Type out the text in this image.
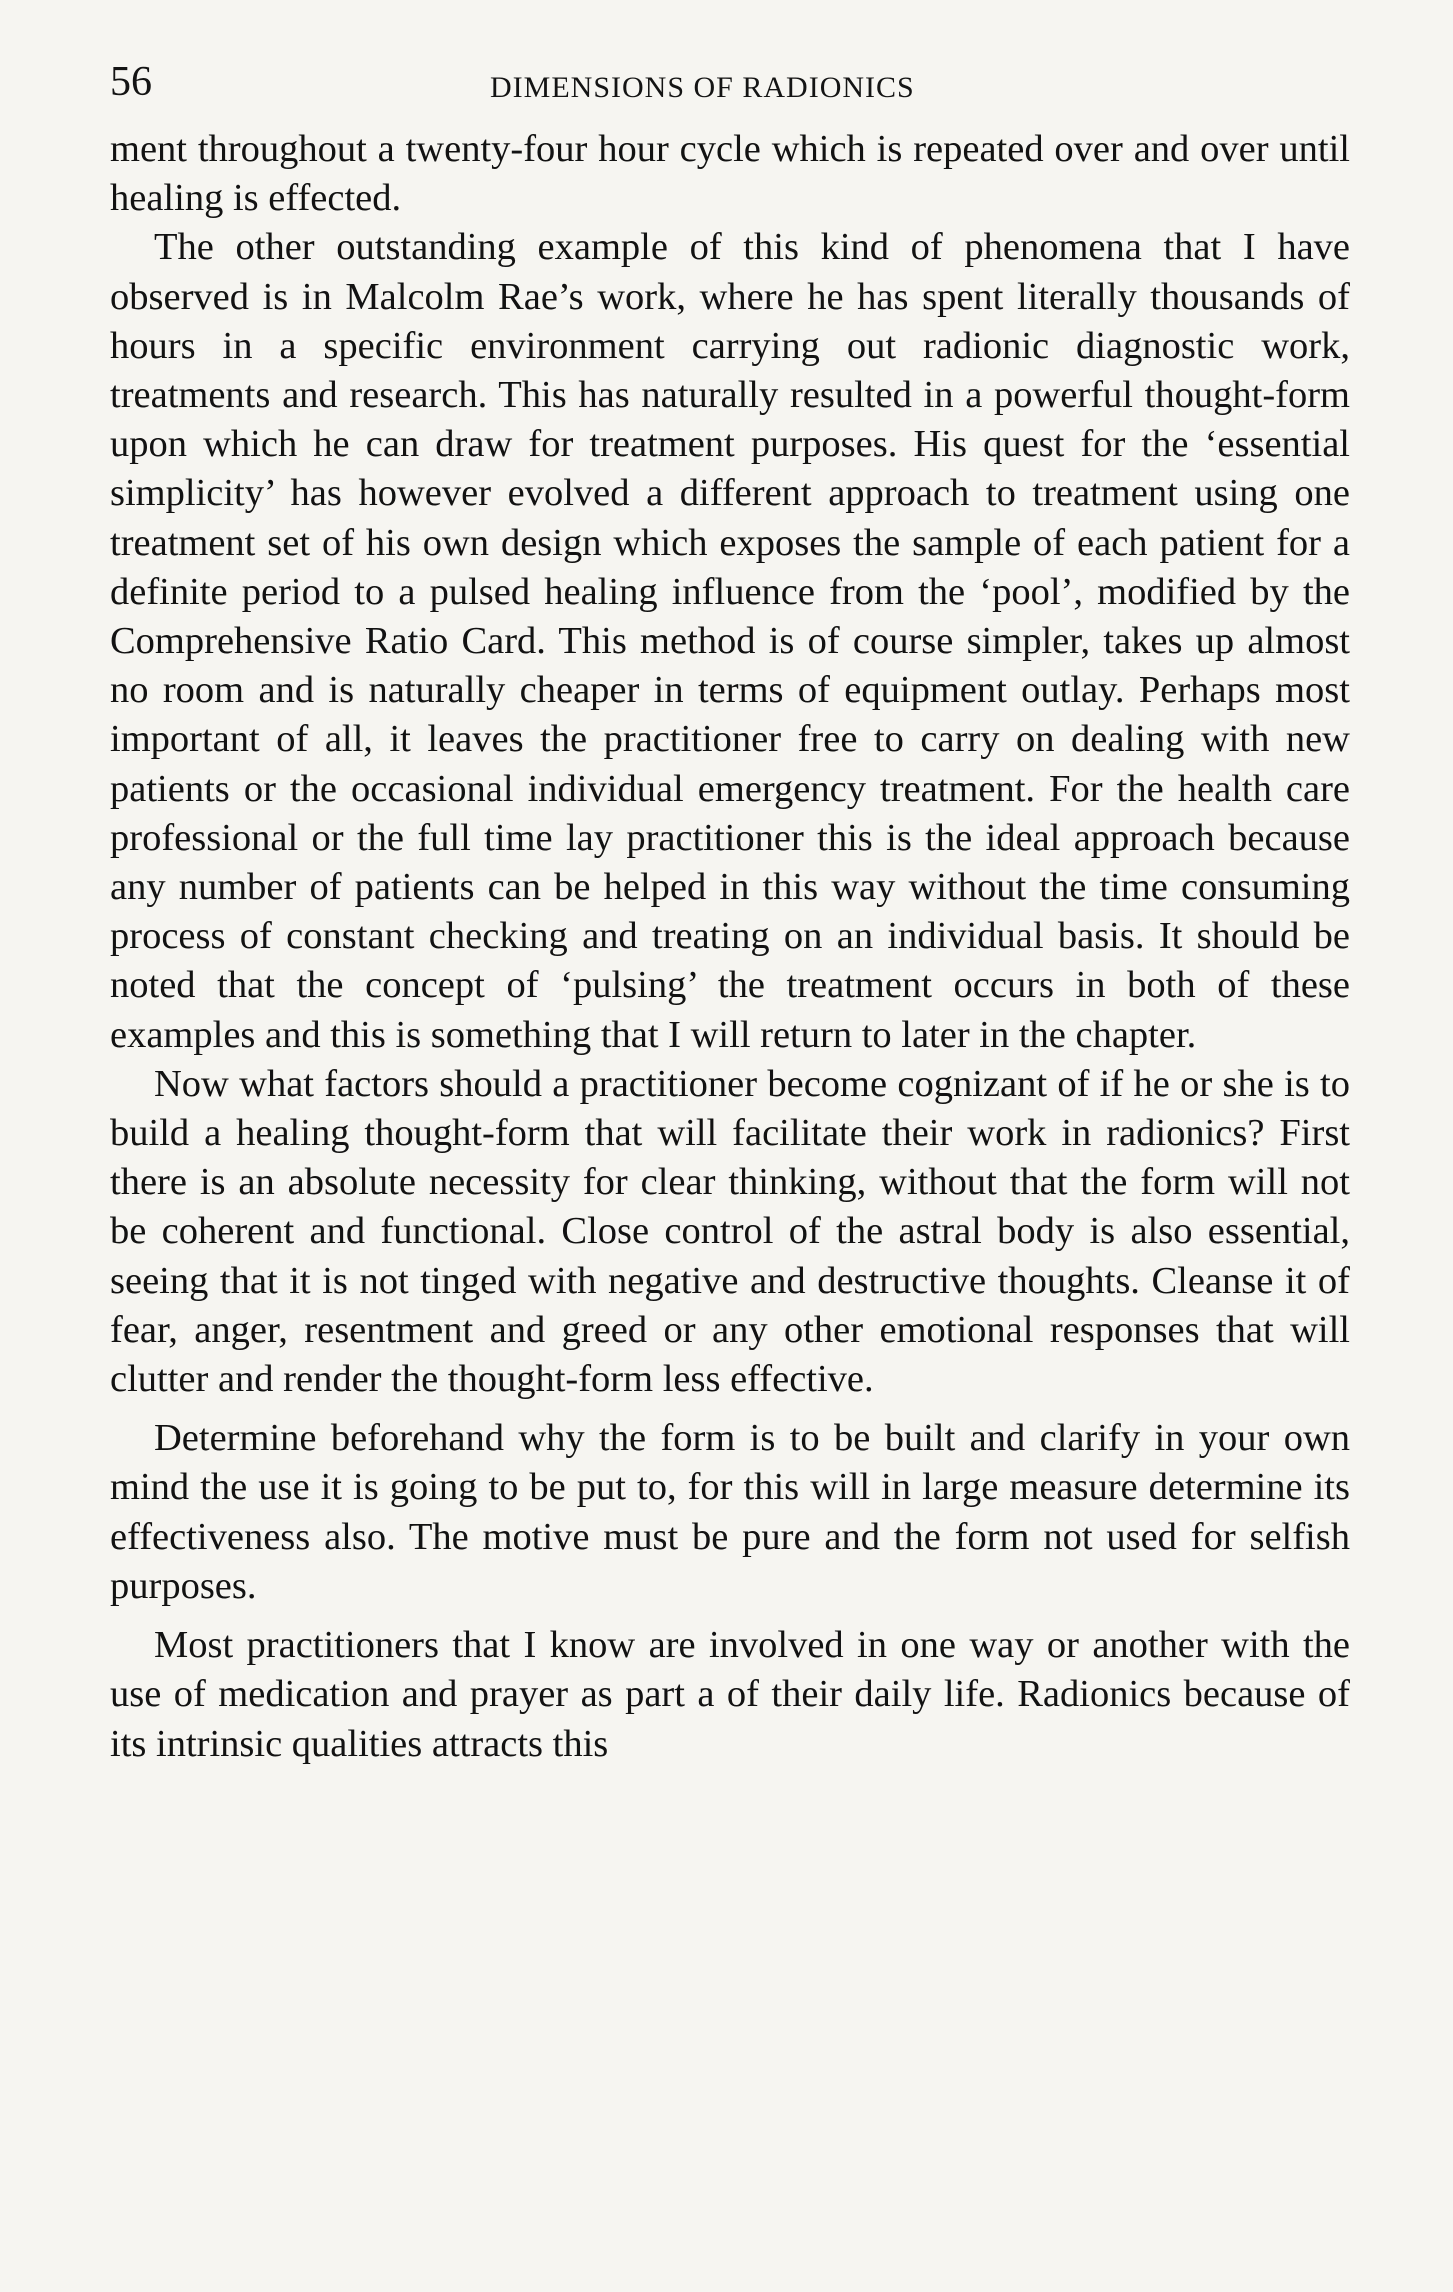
56	DIMENSIONS OF RADIONICS

ment throughout a twenty-four hour cycle which is repeated over and over until healing is effected.

The other outstanding example of this kind of phenomena that I have observed is in Malcolm Rae’s work, where he has spent literally thousands of hours in a specific environment carrying out radionic diagnostic work, treatments and research. This has naturally resulted in a powerful thought-form upon which he can draw for treatment purposes. His quest for the ‘essential simplicity’ has however evolved a different approach to treatment using one treatment set of his own design which exposes the sample of each patient for a definite period to a pulsed healing influence from the ‘pool’, modified by the Comprehensive Ratio Card. This method is of course simpler, takes up almost no room and is naturally cheaper in terms of equipment outlay. Perhaps most important of all, it leaves the practitioner free to carry on dealing with new patients or the occasional individual emergency treatment. For the health care professional or the full time lay practitioner this is the ideal approach because any number of patients can be helped in this way without the time consuming process of constant checking and treating on an individual basis. It should be noted that the concept of ‘pulsing’ the treatment occurs in both of these examples and this is something that I will return to later in the chapter.

Now what factors should a practitioner become cognizant of if he or she is to build a healing thought-form that will facilitate their work in radionics? First there is an absolute necessity for clear thinking, without that the form will not be coherent and functional. Close control of the astral body is also essential, seeing that it is not tinged with negative and destructive thoughts. Cleanse it of fear, anger, resentment and greed or any other emotional responses that will clutter and render the thought-form less effective.

Determine beforehand why the form is to be built and clarify in your own mind the use it is going to be put to, for this will in large measure determine its effectiveness also. The motive must be pure and the form not used for selfish purposes.

Most practitioners that I know are involved in one way or another with the use of medication and prayer as part a of their daily life. Radionics because of its intrinsic qualities attracts this
